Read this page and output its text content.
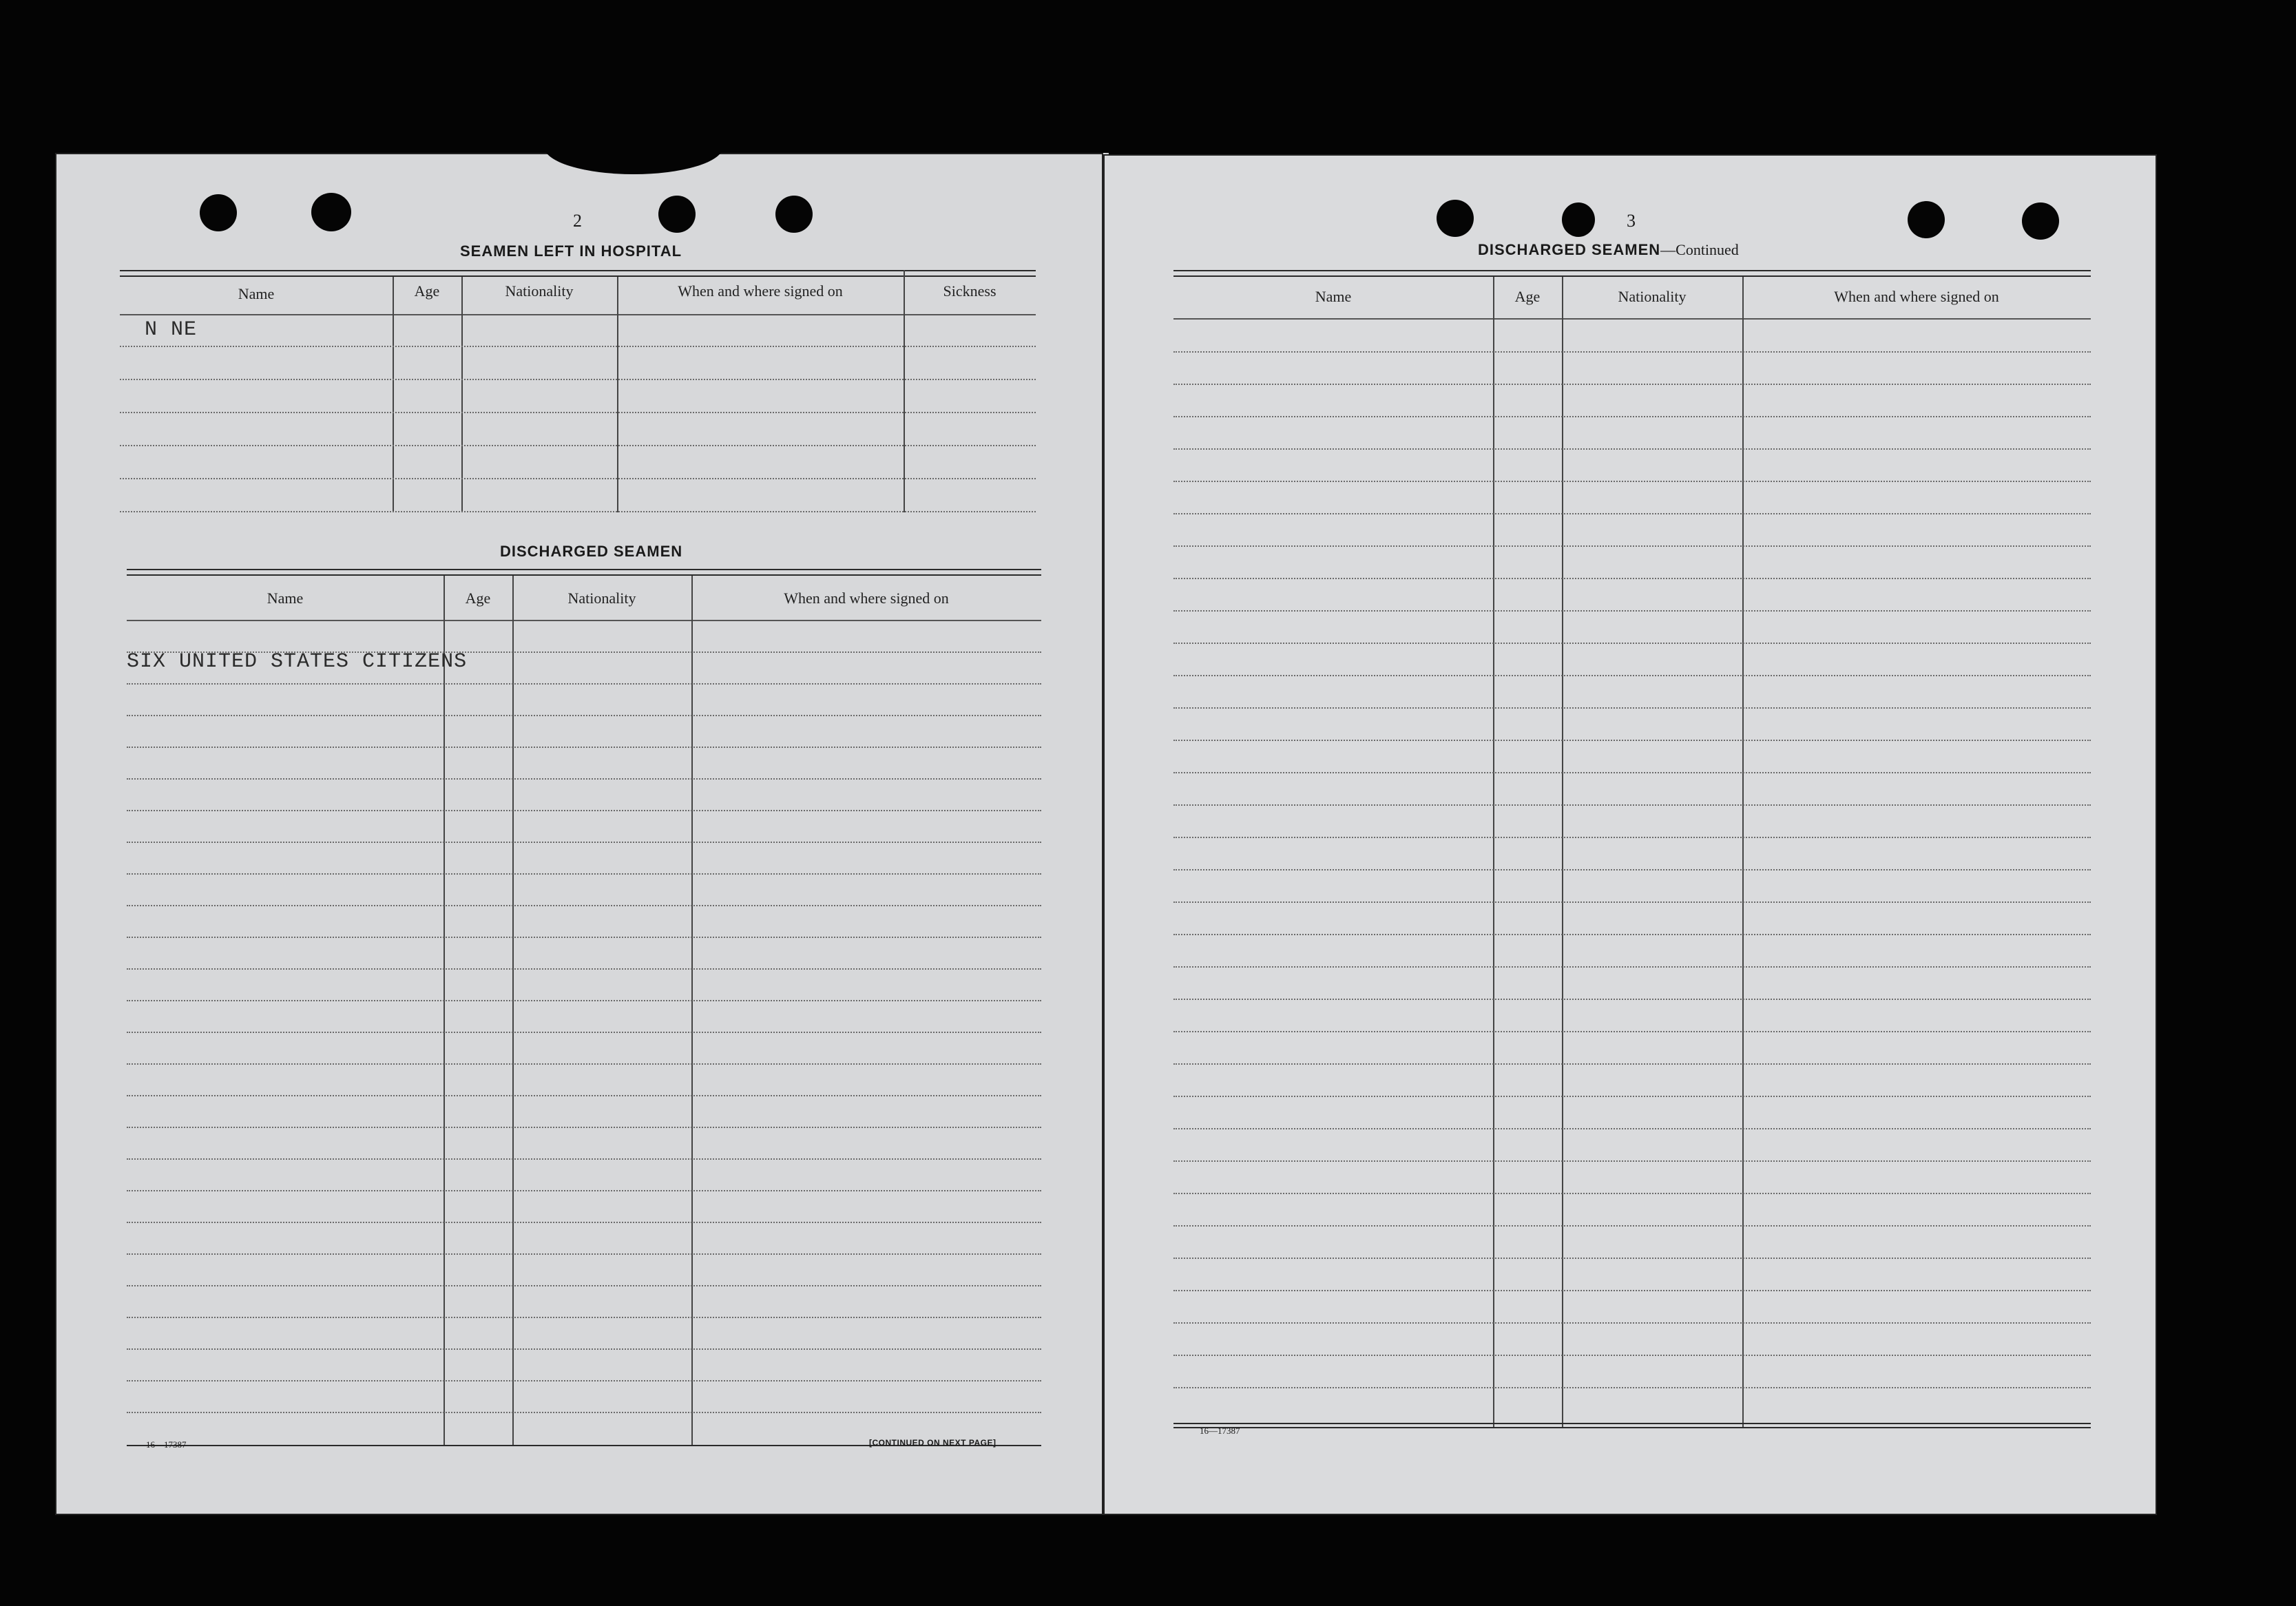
2
SEAMEN LEFT IN HOSPITAL
Name	Age	Nationality	When and where signed on	Sickness
N NE
DISCHARGED SEAMEN
Name	Age	Nationality	When and where signed on
SIX UNITED STATES CITIZENS
16—17387	[CONTINUED ON NEXT PAGE]
3
DISCHARGED SEAMEN—Continued
Name	Age	Nationality	When and where signed on
16—17387
